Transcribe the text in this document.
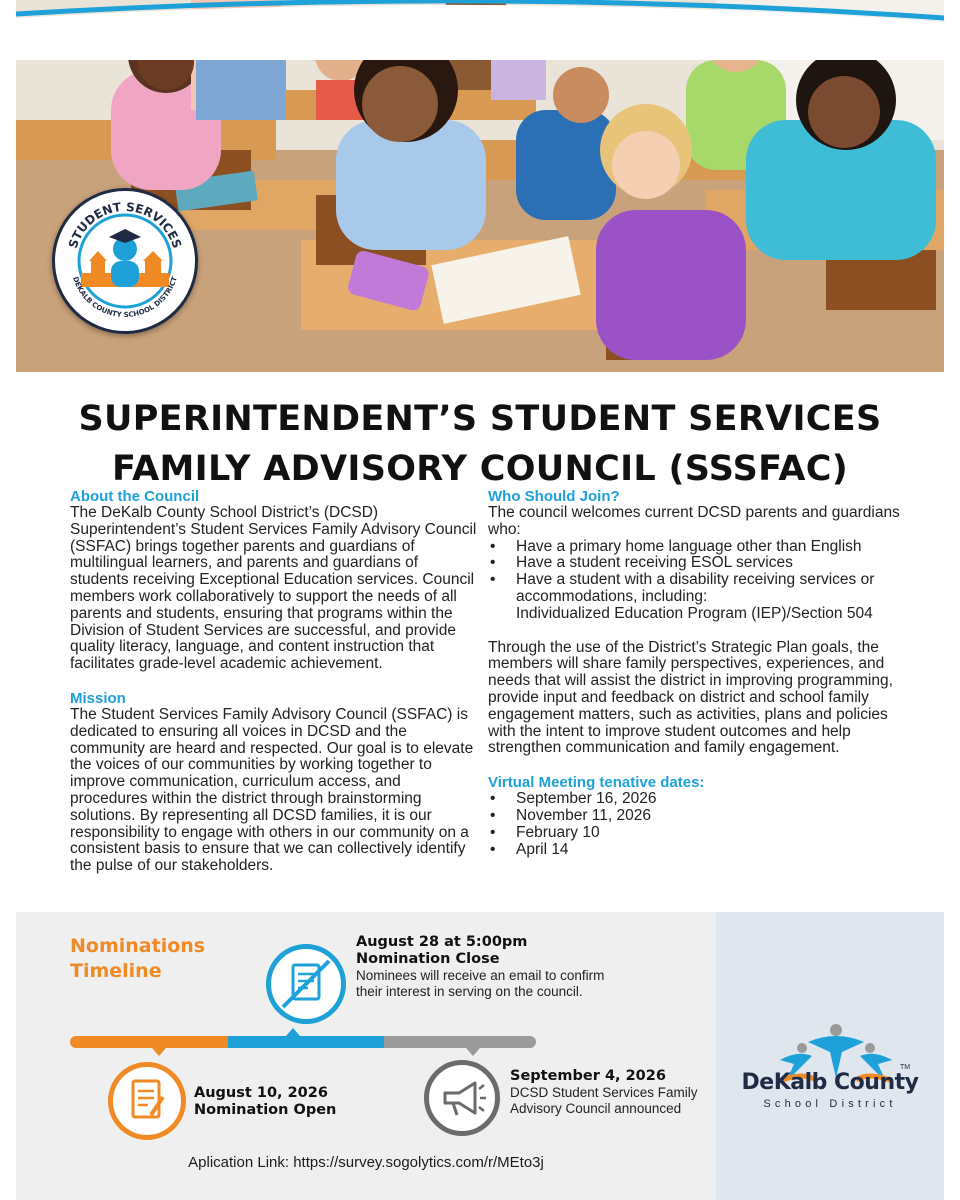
STUDENT SERVICES
DEKALB COUNTY SCHOOL DISTRICT
SUPERINTENDENT’S STUDENT SERVICES
FAMILY ADVISORY COUNCIL (SSSFAC)
About the Council
The DeKalb County School District’s (DCSD) Superintendent’s Student Services Family Advisory Council (SSFAC) brings together parents and guardians of multilingual learners, and parents and guardians of students receiving Exceptional Education services. Council members work collaboratively to support the needs of all parents and students, ensuring that programs within the Division of Student Services are successful, and provide quality literacy, language, and content instruction that facilitates grade-level academic achievement.
Mission
The Student Services Family Advisory Council (SSFAC) is dedicated to ensuring all voices in DCSD and the community are heard and respected. Our goal is to elevate the voices of our communities by working together to improve communication, curriculum access, and procedures within the district through brainstorming solutions. By representing all DCSD families, it is our responsibility to engage with others in our community on a consistent basis to ensure that we can collectively identify the pulse of our stakeholders.
Who Should Join?
The council welcomes current DCSD parents and guardians who:
• Have a primary home language other than English
• Have a student receiving ESOL services
• Have a student with a disability receiving services or accommodations, including:
Individualized Education Program (IEP)/Section 504
Through the use of the District’s Strategic Plan goals, the members will share family perspectives, experiences, and needs that will assist the district in improving programming, provide input and feedback on district and school family engagement matters, such as activities, plans and policies with the intent to improve student outcomes and help strengthen communication and family engagement.
Virtual Meeting tenative dates:
• September 16, 2026
• November 11, 2026
• February 10
• April 14
Nominations
Timeline
August 28 at 5:00pm
Nomination Close
Nominees will receive an email to confirm their interest in serving on the council.
August 10, 2026
Nomination Open
September 4, 2026
DCSD Student Services Family Advisory Council announced
Aplication Link: https://survey.sogolytics.com/r/MEto3j
TM
DeKalb County
School District
